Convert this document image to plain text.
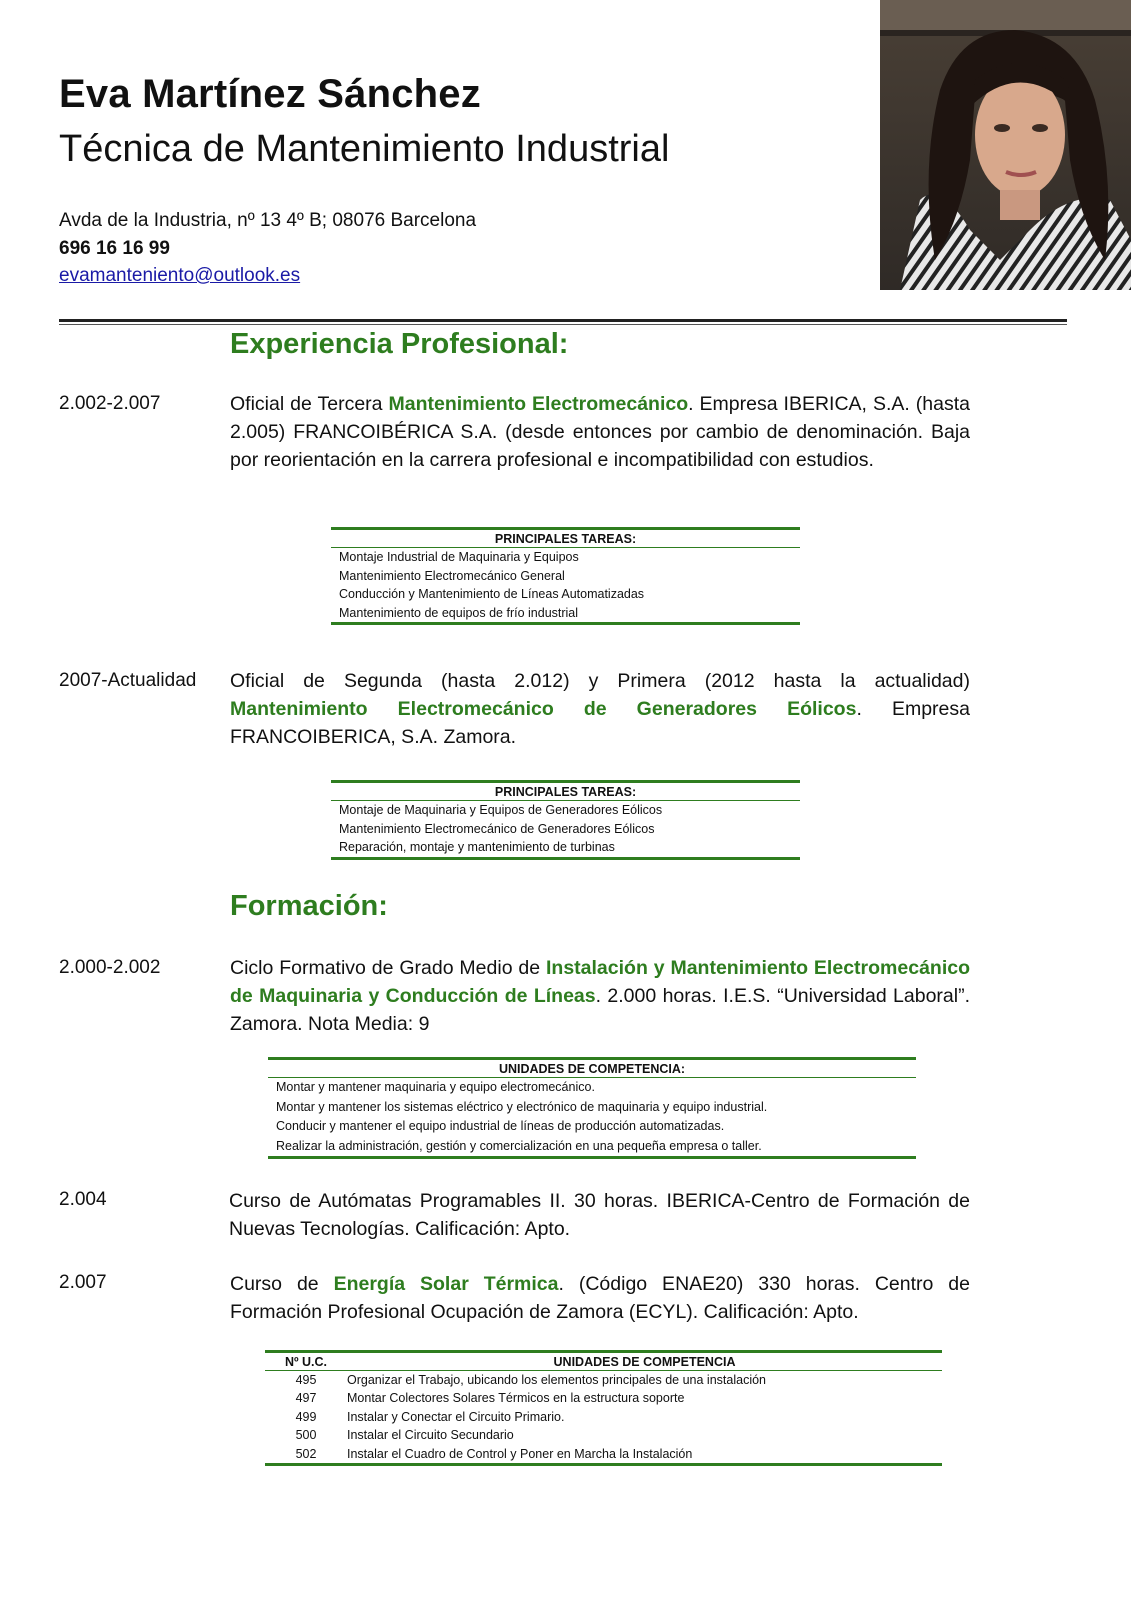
Eva Martínez Sánchez
Técnica de Mantenimiento Industrial
Avda de la Industria, nº 13 4º B; 08076 Barcelona
696 16 16 99
evamanteniento@outlook.es
Experiencia Profesional:
2.002-2.007	Oficial de Tercera Mantenimiento Electromecánico. Empresa IBERICA, S.A. (hasta 2.005) FRANCOIBÉRICA S.A. (desde entonces por cambio de denominación. Baja por reorientación en la carrera profesional e incompatibilidad con estudios.
PRINCIPALES TAREAS:
Montaje Industrial de Maquinaria y Equipos
Mantenimiento Electromecánico General
Conducción y Mantenimiento de Líneas Automatizadas
Mantenimiento de equipos de frío industrial
2007-Actualidad Oficial de Segunda (hasta 2.012) y Primera (2012 hasta la actualidad) Mantenimiento Electromecánico de Generadores Eólicos. Empresa FRANCOIBERICA, S.A. Zamora.
PRINCIPALES TAREAS:
Montaje de Maquinaria y Equipos de Generadores Eólicos
Mantenimiento Electromecánico de Generadores Eólicos
Reparación, montaje y mantenimiento de turbinas
Formación:
2.000-2.002	Ciclo Formativo de Grado Medio de Instalación y Mantenimiento Electromecánico de Maquinaria y Conducción de Líneas. 2.000 horas. I.E.S. “Universidad Laboral”. Zamora. Nota Media: 9
UNIDADES DE COMPETENCIA:
Montar y mantener maquinaria y equipo electromecánico.
Montar y mantener los sistemas eléctrico y electrónico de maquinaria y equipo industrial.
Conducir y mantener el equipo industrial de líneas de producción automatizadas.
Realizar la administración, gestión y comercialización en una pequeña empresa o taller.
2.004	Curso de Autómatas Programables II. 30 horas. IBERICA-Centro de Formación de Nuevas Tecnologías. Calificación: Apto.
2.007	Curso de Energía Solar Térmica. (Código ENAE20) 330 horas. Centro de Formación Profesional Ocupación de Zamora (ECYL). Calificación: Apto.
Nº U.C.	UNIDADES DE COMPETENCIA
495	Organizar el Trabajo, ubicando los elementos principales de una instalación
497	Montar Colectores Solares Térmicos en la estructura soporte
499	Instalar y Conectar el Circuito Primario.
500	Instalar el Circuito Secundario
502	Instalar el Cuadro de Control y Poner en Marcha la Instalación
